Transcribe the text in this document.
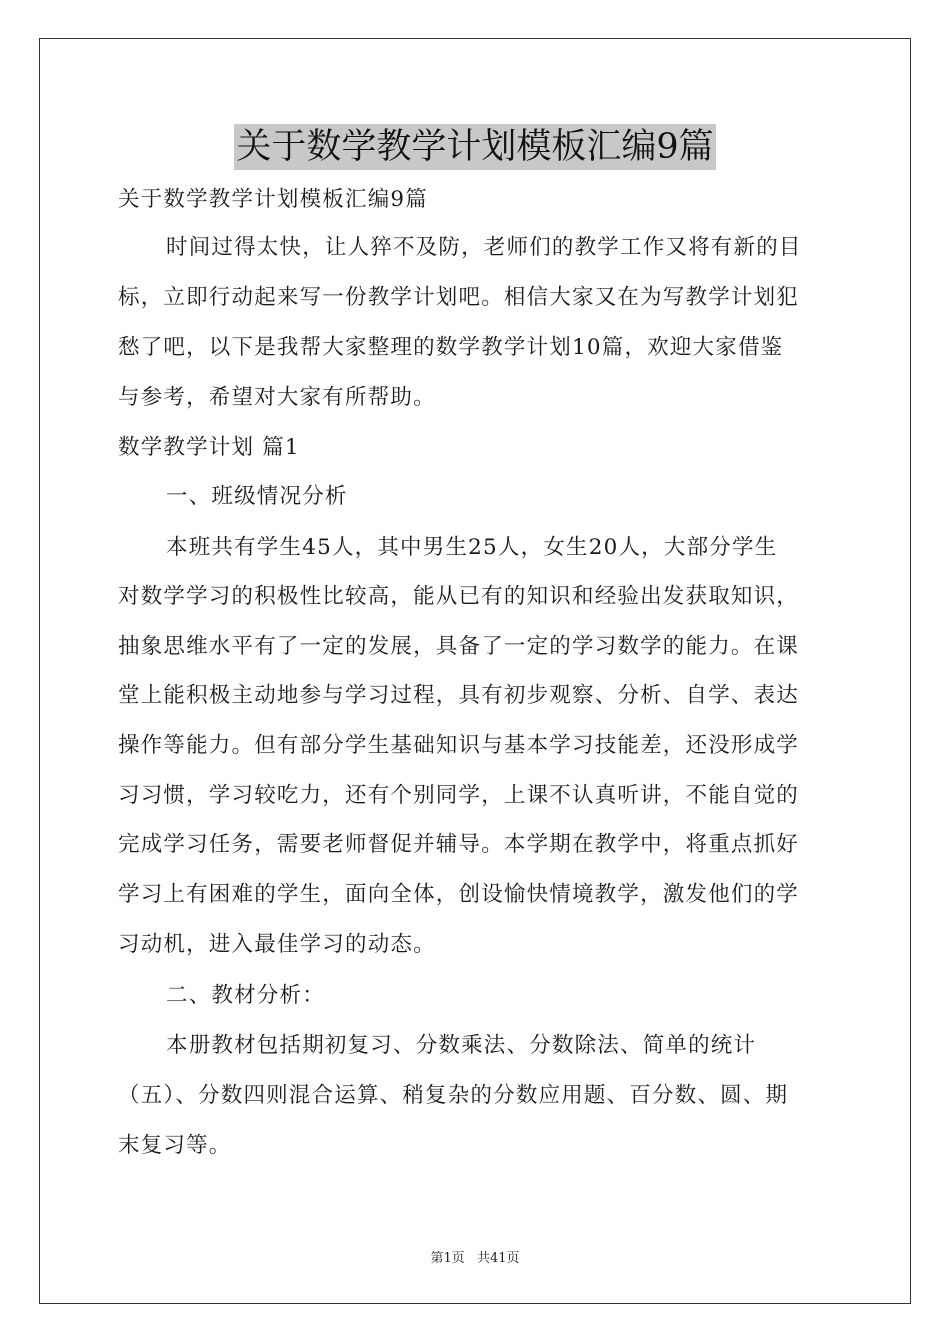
关于数学教学计划模板汇编9篇
关于数学教学计划模板汇编9篇
时间过得太快，让人猝不及防，老师们的教学工作又将有新的目
标，立即行动起来写一份教学计划吧。相信大家又在为写教学计划犯
愁了吧，以下是我帮大家整理的数学教学计划10篇，欢迎大家借鉴
与参考，希望对大家有所帮助。
数学教学计划 篇1
一、班级情况分析
本班共有学生45人，其中男生25人，女生20人，大部分学生
对数学学习的积极性比较高，能从已有的知识和经验出发获取知识，
抽象思维水平有了一定的发展，具备了一定的学习数学的能力。在课
堂上能积极主动地参与学习过程，具有初步观察、分析、自学、表达
操作等能力。但有部分学生基础知识与基本学习技能差，还没形成学
习习惯，学习较吃力，还有个别同学，上课不认真听讲，不能自觉的
完成学习任务，需要老师督促并辅导。本学期在教学中，将重点抓好
学习上有困难的学生，面向全体，创设愉快情境教学，激发他们的学
习动机，进入最佳学习的动态。
二、教材分析：
本册教材包括期初复习、分数乘法、分数除法、简单的统计
（五）、分数四则混合运算、稍复杂的分数应用题、百分数、圆、期
末复习等。
第1页 共41页
